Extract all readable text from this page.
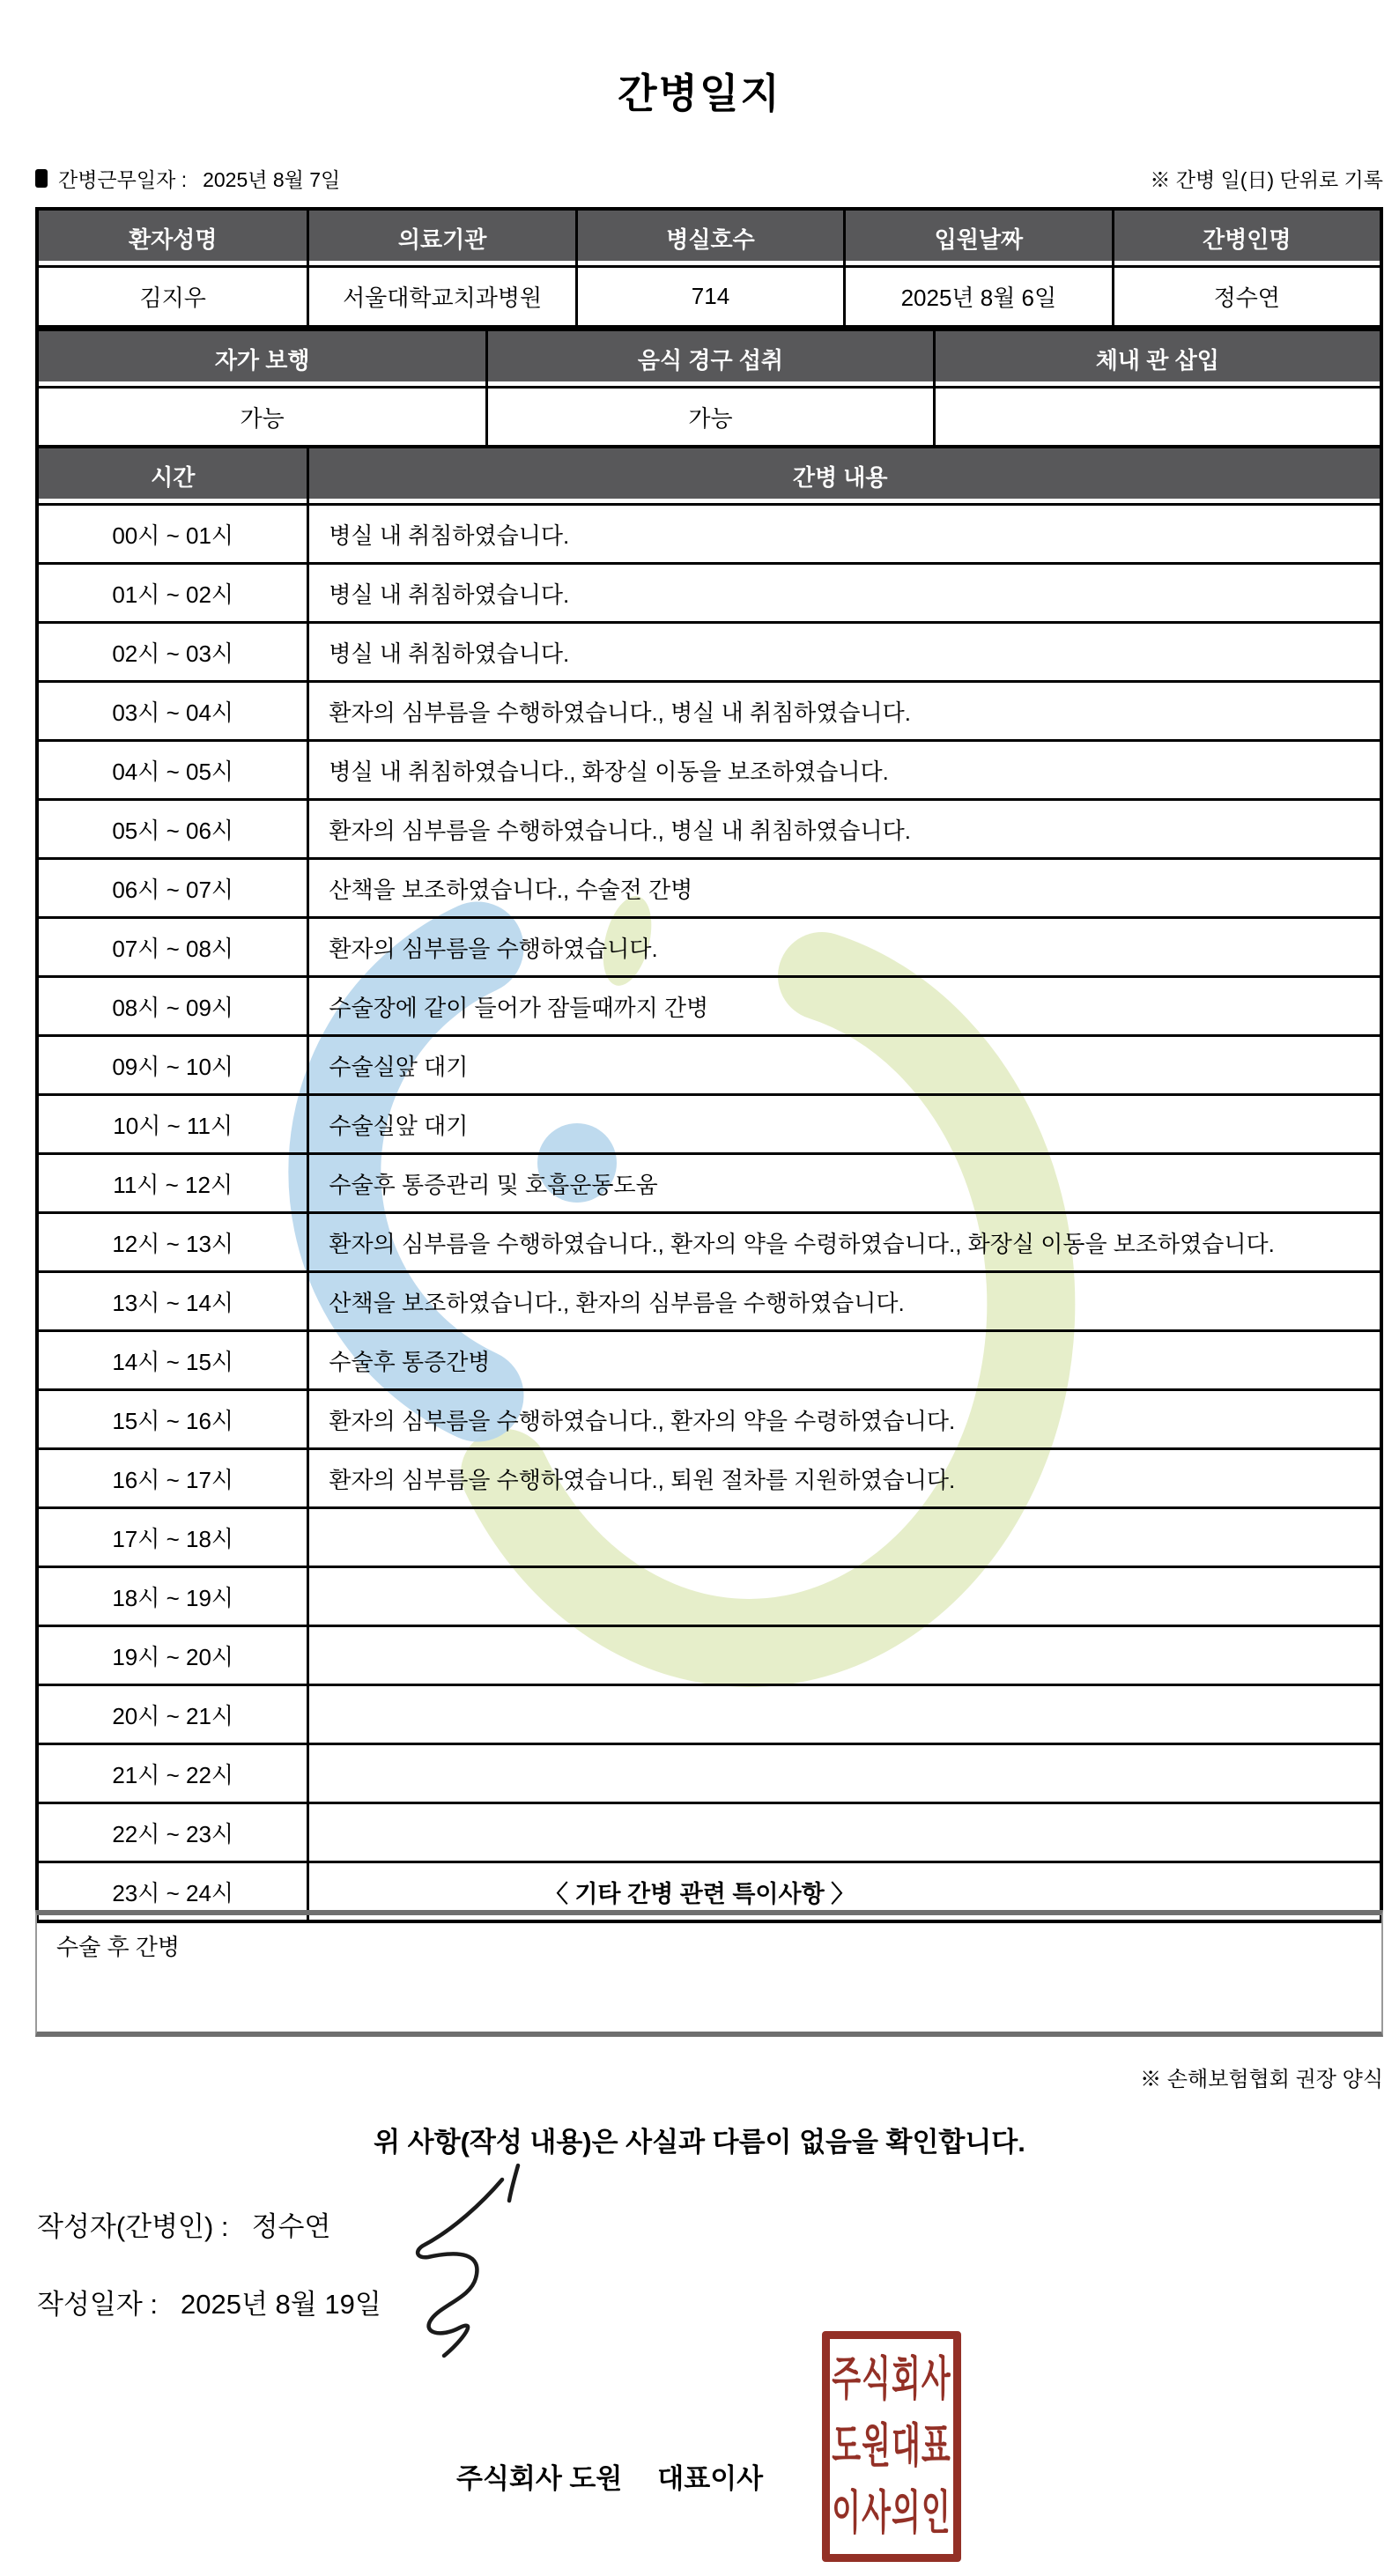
간병일지
간병근무일자 : 2025년 8월 7일	※ 간병 일(日) 단위로 기록
환자성명	의료기관	병실호수	입원날짜	간병인명
김지우	서울대학교치과병원	714	2025년 8월 6일	정수연
자가 보행	음식 경구 섭취	체내 관 삽입
가능	가능
시간	간병 내용
00시 ~ 01시	병실 내 취침하였습니다.
01시 ~ 02시	병실 내 취침하였습니다.
02시 ~ 03시	병실 내 취침하였습니다.
03시 ~ 04시	환자의 심부름을 수행하였습니다., 병실 내 취침하였습니다.
04시 ~ 05시	병실 내 취침하였습니다., 화장실 이동을 보조하였습니다.
05시 ~ 06시	환자의 심부름을 수행하였습니다., 병실 내 취침하였습니다.
06시 ~ 07시	산책을 보조하였습니다., 수술전 간병
07시 ~ 08시	환자의 심부름을 수행하였습니다.
08시 ~ 09시	수술장에 같이 들어가 잠들때까지 간병
09시 ~ 10시	수술실앞 대기
10시 ~ 11시	수술실앞 대기
11시 ~ 12시	수술후 통증관리 및 호흡운동도움
12시 ~ 13시	환자의 심부름을 수행하였습니다., 환자의 약을 수령하였습니다., 화장실 이동을 보조하였습니다.
13시 ~ 14시	산책을 보조하였습니다., 환자의 심부름을 수행하였습니다.
14시 ~ 15시	수술후 통증간병
15시 ~ 16시	환자의 심부름을 수행하였습니다., 환자의 약을 수령하였습니다.
16시 ~ 17시	환자의 심부름을 수행하였습니다., 퇴원 절차를 지원하였습니다.
17시 ~ 18시
18시 ~ 19시
19시 ~ 20시
20시 ~ 21시
21시 ~ 22시
22시 ~ 23시
23시 ~ 24시	〈 기타 간병 관련 특이사항 〉
수술 후 간병
※ 손해보험협회 권장 양식
위 사항(작성 내용)은 사실과 다름이 없음을 확인합니다.
작성자(간병인) : 정수연
작성일자 : 2025년 8월 19일
주식회사 도원 대표이사
주식회사
도원대표
이사의인
